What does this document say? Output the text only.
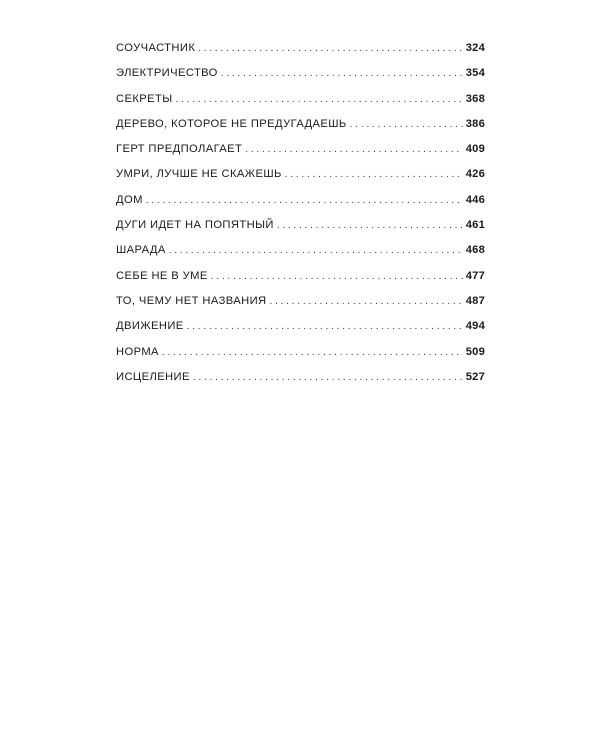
СОУЧАСТНИК . . .	324
ЭЛЕКТРИЧЕСТВО . . .	354
СЕКРЕТЫ . . .	368
ДЕРЕВО, КОТОРОЕ НЕ ПРЕДУГАДАЕШЬ . . .	386
ГЕРТ ПРЕДПОЛАГАЕТ . . .	409
УМРИ, ЛУЧШЕ НЕ СКАЖЕШЬ . . .	426
ДОМ . . .	446
ДУГИ ИДЕТ НА ПОПЯТНЫЙ . . .	461
ШАРАДА . . .	468
СЕБЕ НЕ В УМЕ . . .	477
ТО, ЧЕМУ НЕТ НАЗВАНИЯ . . .	487
ДВИЖЕНИЕ . . .	494
НОРМА . . .	509
ИСЦЕЛЕНИЕ . . .	527
